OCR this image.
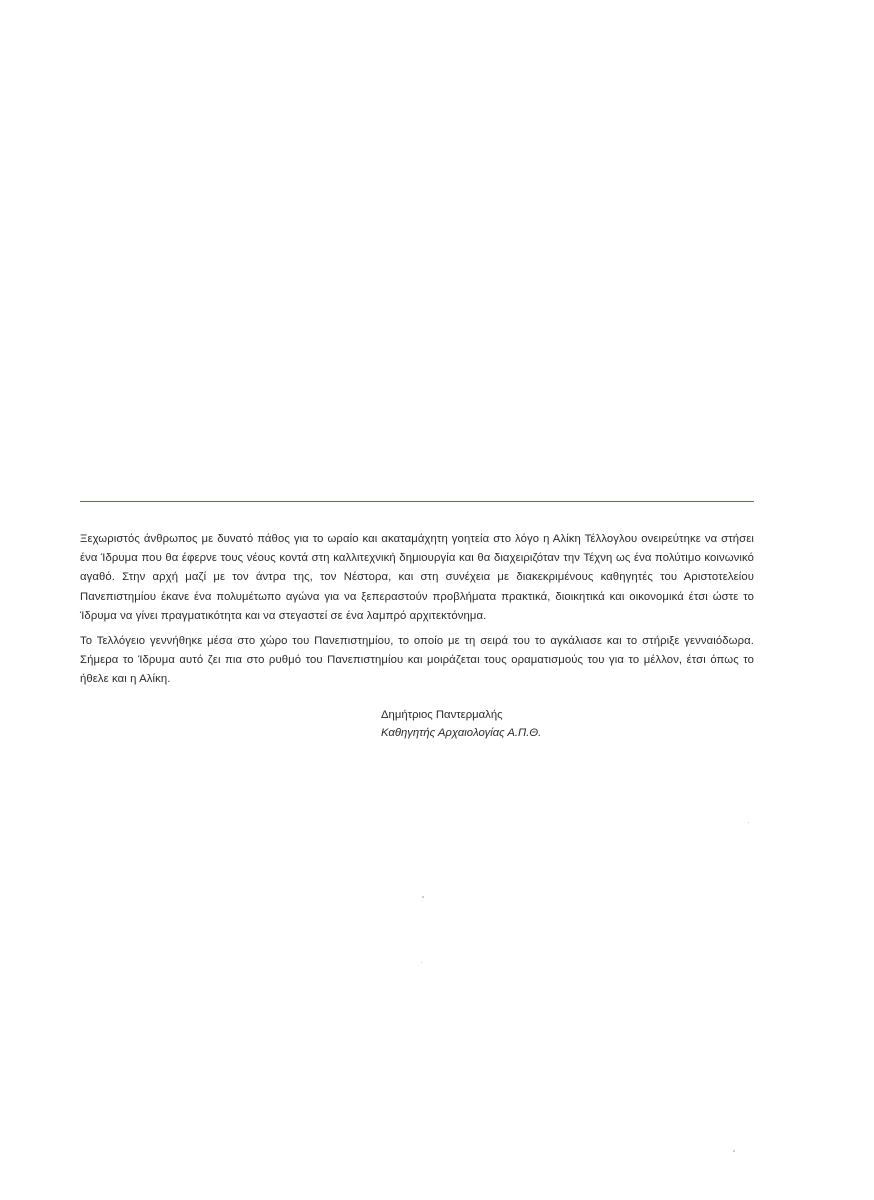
Ξεχωριστός άνθρωπος με δυνατό πάθος για το ωραίο και ακαταμάχητη γοητεία στο λόγο η Αλίκη Τέλλογλου ονειρεύτηκε να στήσει ένα Ίδρυμα που θα έφερνε τους νέους κοντά στη καλλιτεχνική δημιουργία και θα διαχειριζόταν την Τέχνη ως ένα πολύτιμο κοινωνικό αγαθό. Στην αρχή μαζί με τον άντρα της, τον Νέστορα, και στη συνέχεια με διακεκριμένους καθηγητές του Αριστοτελείου Πανεπιστημίου έκανε ένα πολυμέτωπο αγώνα για να ξεπεραστούν προβλήματα πρακτικά, διοικητικά και οικονομικά έτσι ώστε το Ίδρυμα να γίνει πραγματικότητα και να στεγαστεί σε ένα λαμπρό αρχιτεκτόνημα.

Το Τελλόγειο γεννήθηκε μέσα στο χώρο του Πανεπιστημίου, το οποίο με τη σειρά του το αγκάλιασε και το στήριξε γενναιόδωρα. Σήμερα το Ίδρυμα αυτό ζει πια στο ρυθμό του Πανεπιστημίου και μοιράζεται τους οραματισμούς του για το μέλλον, έτσι όπως το ήθελε και η Αλίκη.

Δημήτριος Παντερμαλής
Καθηγητής Αρχαιολογίας Α.Π.Θ.
